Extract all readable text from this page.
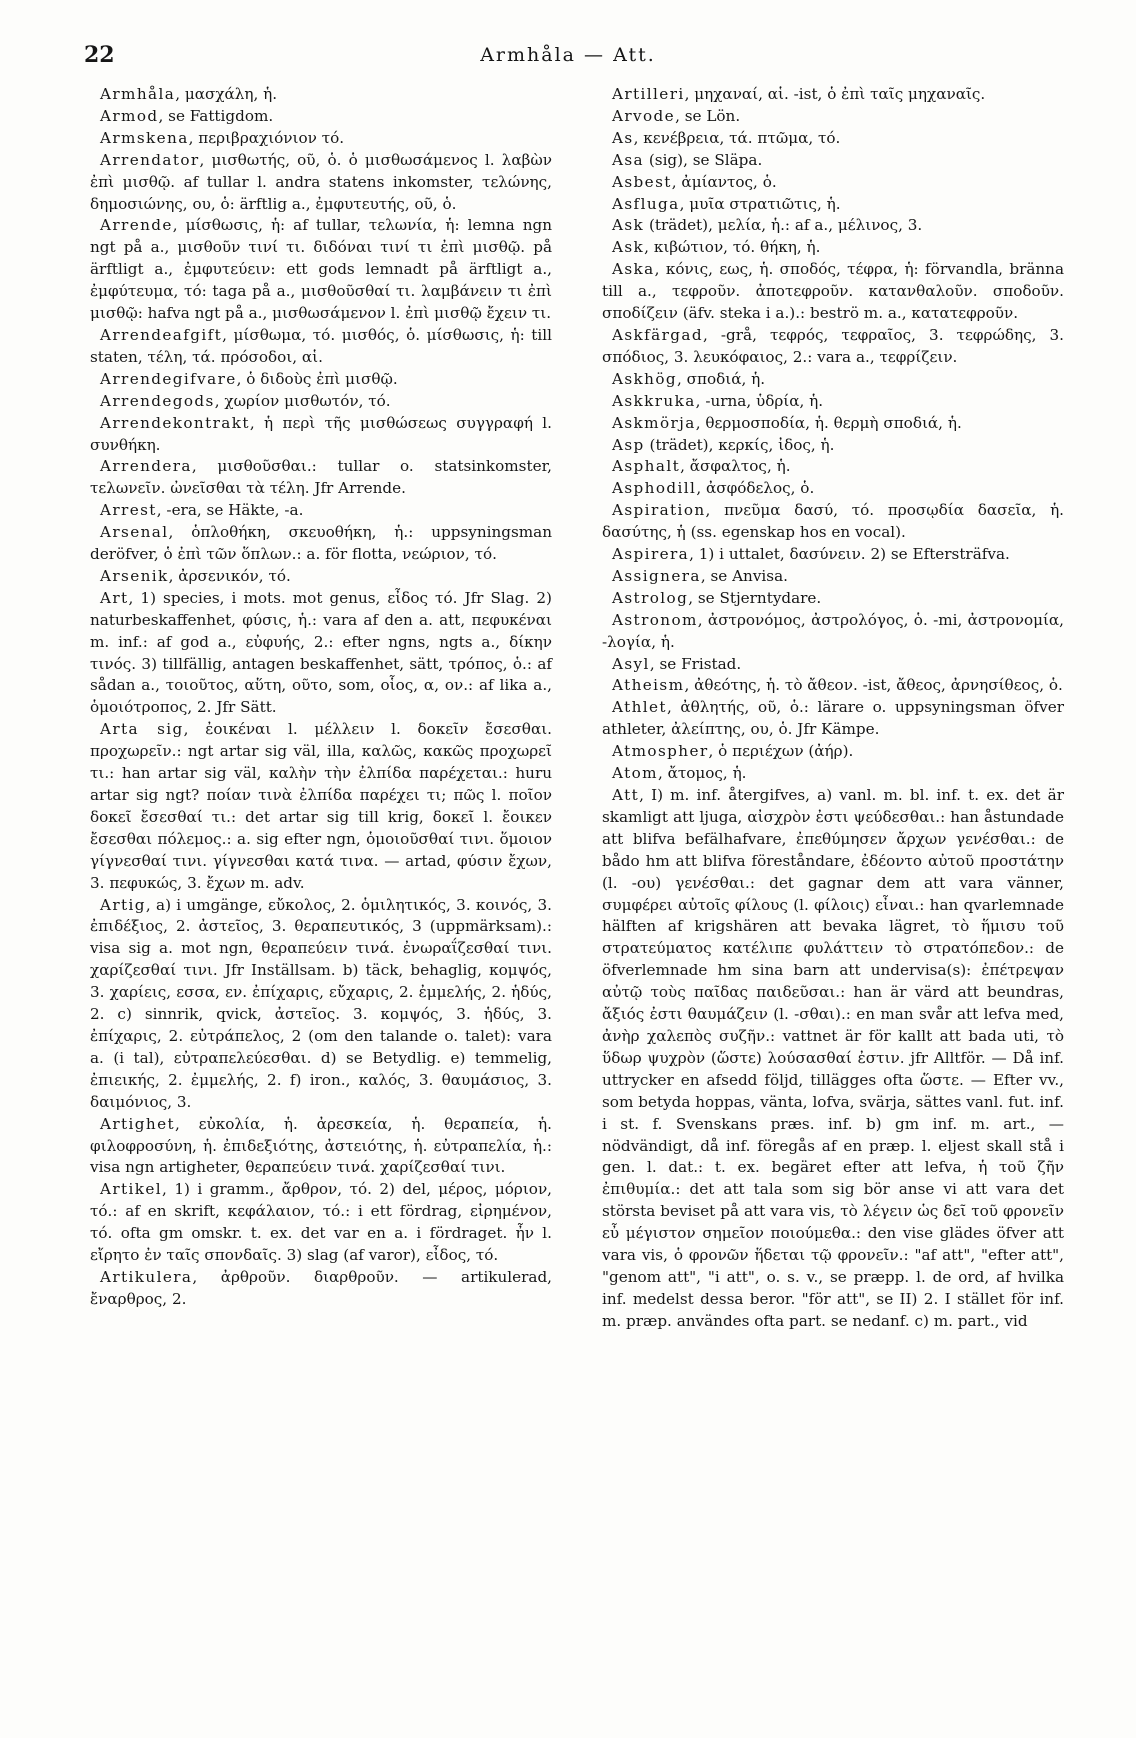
22	Armhåla — Att.

Armhåla, μασχάλη, ἡ.

Armod, se Fattigdom.

Armskena, περιβραχιόνιον τό.

Arrendator, μισθωτής, οῦ, ὁ. ὁ μισθωσάμενος l. λαβὼν ἐπὶ μισθῷ. af tullar l. andra statens inkomster, τελώνης, δημοσιώνης, ου, ὁ: ärftlig a., ἐμφυτευτής, οῦ, ὁ.

Arrende, μίσθωσις, ἡ: af tullar, τελωνία, ἡ: lemna ngn ngt på a., μισθοῦν τινί τι. διδόναι τινί τι ἐπὶ μισθῷ. på ärftligt a., ἐμφυτεύειν: ett gods lemnadt på ärftligt a., ἐμφύτευμα, τό: taga på a., μισθοῦσθαί τι. λαμβάνειν τι ἐπὶ μισθῷ: hafva ngt på a., μισθωσάμενον l. ἐπὶ μισθῷ ἔχειν τι.

Arrendeafgift, μίσθωμα, τό. μισθός, ὁ. μίσθωσις, ἡ: till staten, τέλη, τά. πρόσοδοι, αἱ.

Arrendegifvare, ὁ διδοὺς ἐπὶ μισθῷ.

Arrendegods, χωρίον μισθωτόν, τό.

Arrendekontrakt, ἡ περὶ τῆς μισθώσεως συγγραφή l. συνθήκη.

Arrendera, μισθοῦσθαι.: tullar o. statsinkomster, τελωνεῖν. ὠνεῖσθαι τὰ τέλη. Jfr Arrende.

Arrest, -era, se Häkte, -a.

Arsenal, ὁπλοθήκη, σκευοθήκη, ἡ.: uppsyningsman deröfver, ὁ ἐπὶ τῶν ὅπλων.: a. för flotta, νεώριον, τό.

Arsenik, ἀρσενικόν, τό.

Art, 1) species, i mots. mot genus, εἶδος τό. Jfr Slag. 2) naturbeskaffenhet, φύσις, ἡ.: vara af den a. att, πεφυκέναι m. inf.: af god a., εὐφυής, 2.: efter ngns, ngts a., δίκην τινός. 3) tillfällig, antagen beskaffenhet, sätt, τρόπος, ὁ.: af sådan a., τοιοῦτος, αὕτη, οῦτο, som, οἷος, α, ον.: af lika a., ὁμοιότροπος, 2. Jfr Sätt.

Arta sig, ἐοικέναι l. μέλλειν l. δοκεῖν ἔσεσθαι. προχωρεῖν.: ngt artar sig väl, illa, καλῶς, κακῶς προχωρεῖ τι.: han artar sig väl, καλὴν τὴν ἐλπίδα παρέχεται.: huru artar sig ngt? ποίαν τινὰ ἐλπίδα παρέχει τι; πῶς l. ποῖον δοκεῖ ἔσεσθαί τι.: det artar sig till krig, δοκεῖ l. ἔοικεν ἔσεσθαι πόλεμος.: a. sig efter ngn, ὁμοιοῦσθαί τινι. ὅμοιον γίγνεσθαί τινι. γίγνεσθαι κατά τινα. — artad, φύσιν ἔχων, 3. πεφυκώς, 3. ἔχων m. adv.

Artig, a) i umgänge, εὔκολος, 2. ὁμιλητικός, 3. κοινός, 3. ἐπιδέξιος, 2. ἀστεῖος, 3. θεραπευτικός, 3 (uppmärksam).: visa sig a. mot ngn, θεραπεύειν τινά. ἐνωραΐζεσθαί τινι. χαρίζεσθαί τινι. Jfr Inställsam. b) täck, behaglig, κομψός, 3. χαρίεις, εσσα, εν. ἐπίχαρις, εὔχαρις, 2. ἐμμελής, 2. ἡδύς, 2. c) sinnrik, qvick, ἀστεῖος. 3. κομψός, 3. ἡδύς, 3. ἐπίχαρις, 2. εὐτράπελος, 2 (om den talande o. talet): vara a. (i tal), εὐτραπελεύεσθαι. d) se Betydlig. e) temmelig, ἐπιεικής, 2. ἐμμελής, 2. f) iron., καλός, 3. θαυμάσιος, 3. δαιμόνιος, 3.

Artighet, εὐκολία, ἡ. ἀρεσκεία, ἡ. θεραπεία, ἡ. φιλοφροσύνη, ἡ. ἐπιδεξιότης, ἀστειότης, ἡ. εὐτραπελία, ἡ.: visa ngn artigheter, θεραπεύειν τινά. χαρίζεσθαί τινι.

Artikel, 1) i gramm., ἄρθρον, τό. 2) del, μέρος, μόριον, τό.: af en skrift, κεφάλαιον, τό.: i ett fördrag, εἰρημένον, τό. ofta gm omskr. t. ex. det var en a. i fördraget. ἦν l. εἴρητο ἐν ταῖς σπονδαῖς. 3) slag (af varor), εἶδος, τό.

Artikulera, ἀρθροῦν. διαρθροῦν. — artikulerad, ἔναρθρος, 2.

Artilleri, μηχαναί, αἱ. -ist, ὁ ἐπὶ ταῖς μηχαναῖς.

Arvode, se Lön.

As, κενέβρεια, τά. πτῶμα, τό.

Asa (sig), se Släpa.

Asbest, ἀμίαντος, ὁ.

Asfluga, μυῖα στρατιῶτις, ἡ.

Ask (trädet), μελία, ἡ.: af a., μέλινος, 3.

Ask, κιβώτιον, τό. θήκη, ἡ.

Aska, κόνις, εως, ἡ. σποδός, τέφρα, ἡ: förvandla, bränna till a., τεφροῦν. ἀποτεφροῦν. κατανθαλοῦν. σποδοῦν. σποδίζειν (äfv. steka i a.).: beströ m. a., κατατεφροῦν.

Askfärgad, -grå, τεφρός, τεφραῖος, 3. τεφρώδης, 3. σπόδιος, 3. λευκόφαιος, 2.: vara a., τεφρίζειν.

Askhög, σποδιά, ἡ.

Askkruka, -urna, ὑδρία, ἡ.

Askmörja, θερμοσποδία, ἡ. θερμὴ σποδιά, ἡ.

Asp (trädet), κερκίς, ἰδος, ἡ.

Asphalt, ἄσφαλτος, ἡ.

Asphodill, ἀσφόδελος, ὁ.

Aspiration, πνεῦμα δασύ, τό. προσῳδία δασεῖα, ἡ. δασύτης, ἡ (ss. egenskap hos en vocal).

Aspirera, 1) i uttalet, δασύνειν. 2) se Eftersträfva.

Assignera, se Anvisa.

Astrolog, se Stjerntydare.

Astronom, ἀστρονόμος, ἀστρολόγος, ὁ. -mi, ἀστρονομία, -λογία, ἡ.

Asyl, se Fristad.

Atheism, ἀθεότης, ἡ. τὸ ἄθεον. -ist, ἄθεος, ἀρνησίθεος, ὁ.

Athlet, ἀθλητής, οῦ, ὁ.: lärare o. uppsyningsman öfver athleter, ἀλείπτης, ου, ὁ. Jfr Kämpe.

Atmospher, ὁ περιέχων (ἀήρ).

Atom, ἄτομος, ἡ.

Att, I) m. inf. återgifves, a) vanl. m. bl. inf. t. ex. det är skamligt att ljuga, αἰσχρὸν ἐστι ψεύδεσθαι.: han åstundade att blifva befälhafvare, ἐπεθύμησεν ἄρχων γενέσθαι.: de bådo hm att blifva föreståndare, ἐδέοντο αὐτοῦ προστάτην (l. -ου) γενέσθαι.: det gagnar dem att vara vänner, συμφέρει αὐτοῖς φίλους (l. φίλοις) εἶναι.: han qvarlemnade hälften af krigshären att bevaka lägret, τὸ ἥμισυ τοῦ στρατεύματος κατέλιπε φυλάττειν τὸ στρατόπεδον.: de öfverlemnade hm sina barn att undervisa(s): ἐπέτρεψαν αὐτῷ τοὺς παῖδας παιδεῦσαι.: han är värd att beundras, ἄξιός ἐστι θαυμάζειν (l. -σθαι).: en man svår att lefva med, ἀνὴρ χαλεπὸς συζῆν.: vattnet är för kallt att bada uti, τὸ ὕδωρ ψυχρὸν (ὥστε) λούσασθαί ἐστιν. jfr Alltför. — Då inf. uttrycker en afsedd följd, tillägges ofta ὥστε. — Efter vv., som betyda hoppas, vänta, lofva, svärja, sättes vanl. fut. inf. i st. f. Svenskans præs. inf. b) gm inf. m. art., — nödvändigt, då inf. föregås af en præp. l. eljest skall stå i gen. l. dat.: t. ex. begäret efter att lefva, ἡ τοῦ ζῆν ἐπιθυμία.: det att tala som sig bör anse vi att vara det största beviset på att vara vis, τὸ λέγειν ὡς δεῖ τοῦ φρονεῖν εὖ μέγιστον σημεῖον ποιούμεθα.: den vise glädes öfver att vara vis, ὁ φρονῶν ἥδεται τῷ φρονεῖν.: "af att", "efter att", "genom att", "i att", o. s. v., se præpp. l. de ord, af hvilka inf. medelst dessa beror. "för att", se II) 2. I stället för inf. m. præp. användes ofta part. se nedanf. c) m. part., vid
